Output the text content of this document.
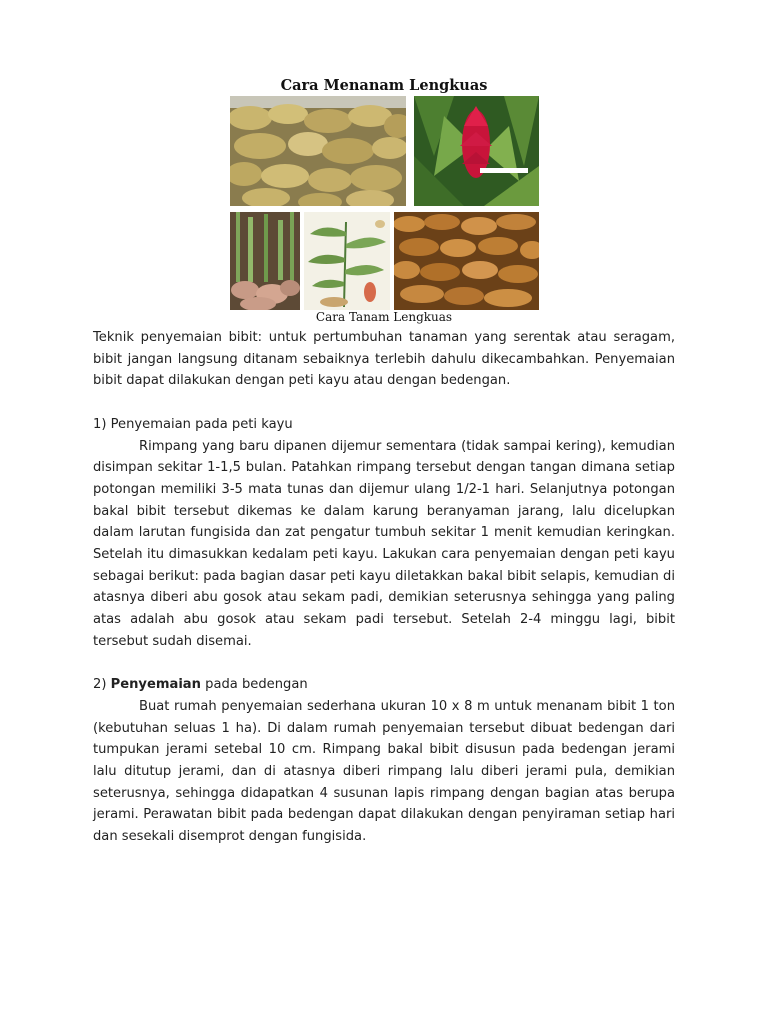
Cara Menanam Lengkuas
Cara Tanam Lengkuas

Teknik penyemaian bibit: untuk pertumbuhan tanaman yang serentak atau seragam, bibit jangan langsung ditanam sebaiknya terlebih dahulu dikecambahkan. Penyemaian bibit dapat dilakukan dengan peti kayu atau dengan bedengan.

1) Penyemaian pada peti kayu

Rimpang yang baru dipanen dijemur sementara (tidak sampai kering), kemudian disimpan sekitar 1-1,5 bulan. Patahkan rimpang tersebut dengan tangan dimana setiap potongan memiliki 3-5 mata tunas dan dijemur ulang 1/2-1 hari. Selanjutnya potongan bakal bibit tersebut dikemas ke dalam karung beranyaman jarang, lalu dicelupkan dalam larutan fungisida dan zat pengatur tumbuh sekitar 1 menit kemudian keringkan. Setelah itu dimasukkan kedalam peti kayu. Lakukan cara penyemaian dengan peti kayu sebagai berikut: pada bagian dasar peti kayu diletakkan bakal bibit selapis, kemudian di atasnya diberi abu gosok atau sekam padi, demikian seterusnya sehingga yang paling atas adalah abu gosok atau sekam padi tersebut. Setelah 2-4 minggu lagi, bibit tersebut sudah disemai.

2) Penyemaian pada bedengan

Buat rumah penyemaian sederhana ukuran 10 x 8 m untuk menanam bibit 1 ton (kebutuhan seluas 1 ha). Di dalam rumah penyemaian tersebut dibuat bedengan dari tumpukan jerami setebal 10 cm. Rimpang bakal bibit disusun pada bedengan jerami lalu ditutup jerami, dan di atasnya diberi rimpang lalu diberi jerami pula, demikian seterusnya, sehingga didapatkan 4 susunan lapis rimpang dengan bagian atas berupa jerami. Perawatan bibit pada bedengan dapat dilakukan dengan penyiraman setiap hari dan sesekali disemprot dengan fungisida.
